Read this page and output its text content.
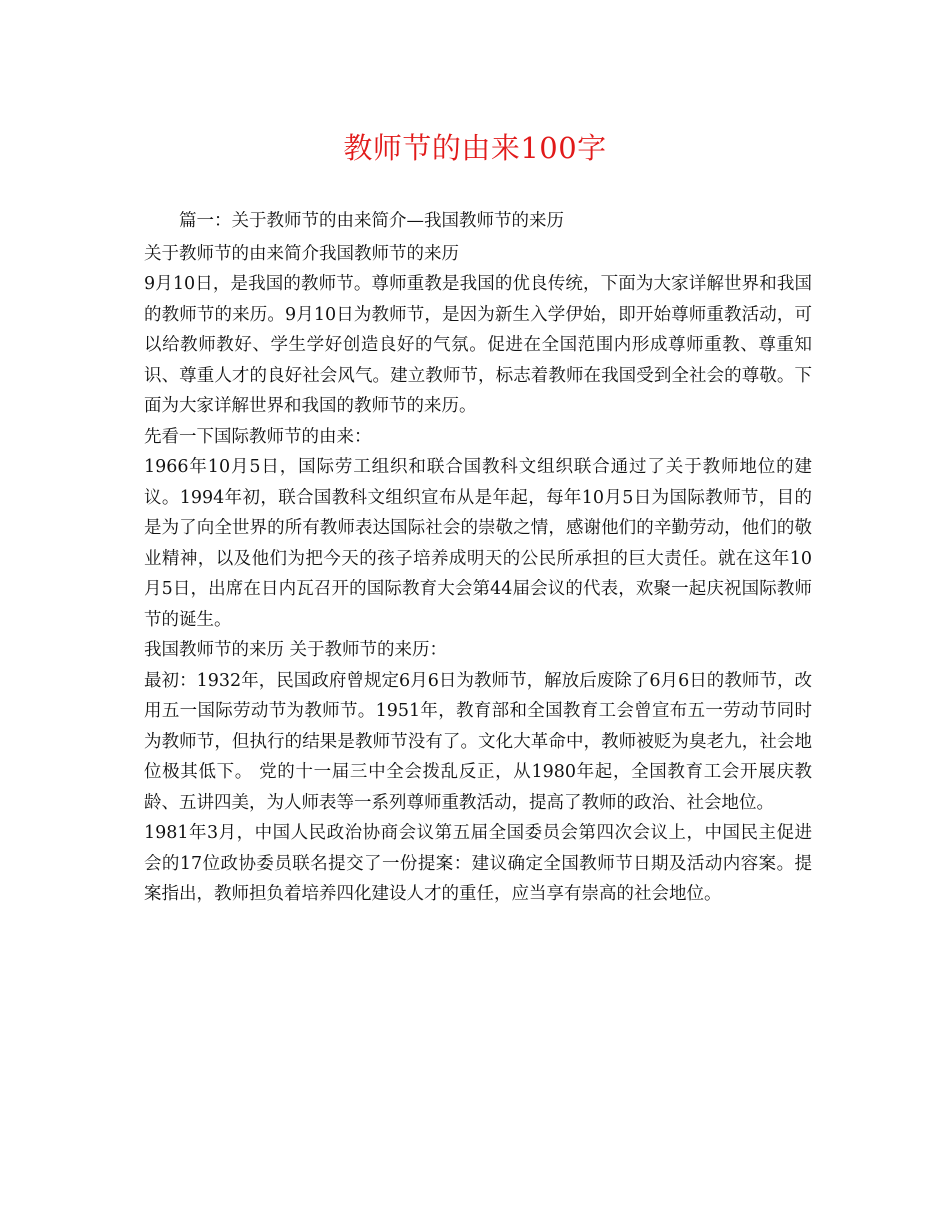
教师节的由来100字

篇一：关于教师节的由来简介—我国教师节的来历

关于教师节的由来简介我国教师节的来历

9月10日，是我国的教师节。尊师重教是我国的优良传统，下面为大家详解世界和我国的教师节的来历。9月10日为教师节，是因为新生入学伊始，即开始尊师重教活动，可以给教师教好、学生学好创造良好的气氛。促进在全国范围内形成尊师重教、尊重知识、尊重人才的良好社会风气。建立教师节，标志着教师在我国受到全社会的尊敬。下面为大家详解世界和我国的教师节的来历。

先看一下国际教师节的由来：

1966年10月5日，国际劳工组织和联合国教科文组织联合通过了关于教师地位的建议。1994年初，联合国教科文组织宣布从是年起，每年10月5日为国际教师节，目的是为了向全世界的所有教师表达国际社会的崇敬之情，感谢他们的辛勤劳动，他们的敬业精神，以及他们为把今天的孩子培养成明天的公民所承担的巨大责任。就在这年10月5日，出席在日内瓦召开的国际教育大会第44届会议的代表，欢聚一起庆祝国际教师节的诞生。

我国教师节的来历 关于教师节的来历：

最初：1932年，民国政府曾规定6月6日为教师节，解放后废除了6月6日的教师节，改用五一国际劳动节为教师节。1951年，教育部和全国教育工会曾宣布五一劳动节同时为教师节，但执行的结果是教师节没有了。文化大革命中，教师被贬为臭老九，社会地位极其低下。 党的十一届三中全会拨乱反正，从1980年起，全国教育工会开展庆教龄、五讲四美，为人师表等一系列尊师重教活动，提高了教师的政治、社会地位。

1981年3月，中国人民政治协商会议第五届全国委员会第四次会议上，中国民主促进会的17位政协委员联名提交了一份提案：建议确定全国教师节日期及活动内容案。提案指出，教师担负着培养四化建设人才的重任，应当享有崇高的社会地位。
